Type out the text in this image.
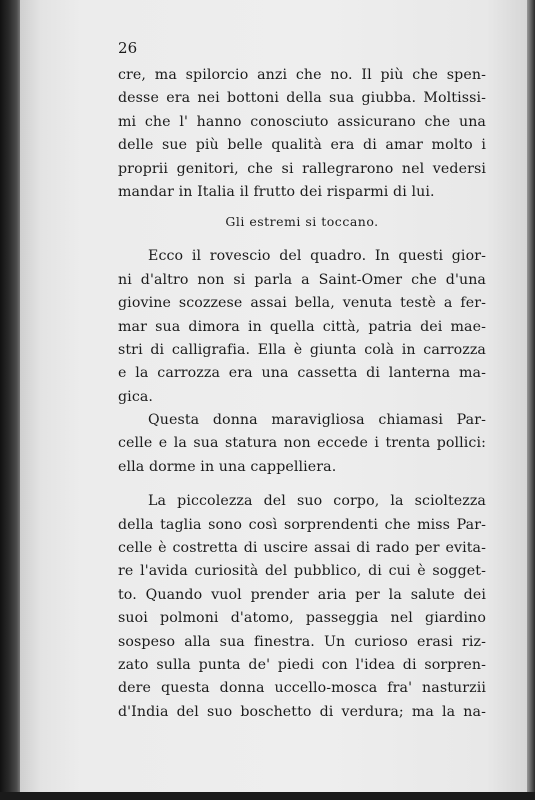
26
cre, ma spilorcio anzi che no. Il più che spen-
desse era nei bottoni della sua giubba. Moltissi-
mi che l' hanno conosciuto assicurano che una
delle sue più belle qualità era di amar molto i
proprii genitori, che si rallegrarono nel vedersi
mandar in Italia il frutto dei risparmi di lui.
Gli estremi si toccano.
Ecco il rovescio del quadro. In questi gior-
ni d'altro non si parla a Saint-Omer che d'una
giovine scozzese assai bella, venuta testè a fer-
mar sua dimora in quella città, patria dei mae-
stri di calligrafia. Ella è giunta colà in carrozza
e la carrozza era una cassetta di lanterna ma-
gica.
Questa donna maravigliosa chiamasi Par-
celle e la sua statura non eccede i trenta pollici:
ella dorme in una cappelliera.
La piccolezza del suo corpo, la scioltezza
della taglia sono così sorprendenti che miss Par-
celle è costretta di uscire assai di rado per evita-
re l'avida curiosità del pubblico, di cui è sogget-
to. Quando vuol prender aria per la salute dei
suoi polmoni d'atomo, passeggia nel giardino
sospeso alla sua finestra. Un curioso erasi riz-
zato sulla punta de' piedi con l'idea di sorpren-
dere questa donna uccello-mosca fra' nasturzii
d'India del suo boschetto di verdura; ma la na-
